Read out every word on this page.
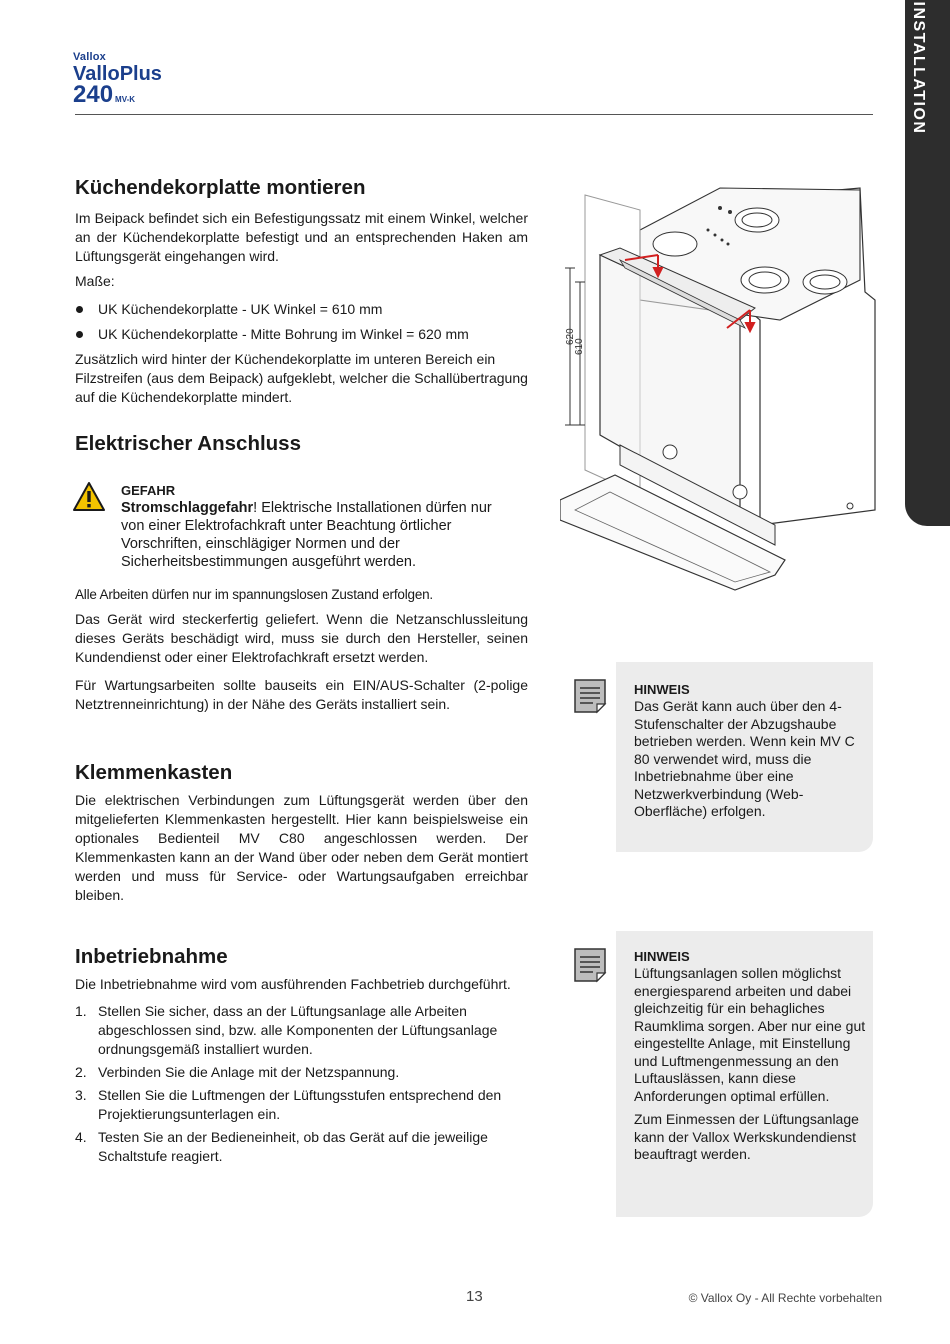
Vallox
ValloPlus
240 MV-K	INSTALLATION
Küchendekorplatte montieren

Im Beipack befindet sich ein Befestigungssatz mit einem Winkel, welcher an der Küchendekorplatte befestigt und an entsprechenden Haken am Lüftungsgerät eingehangen wird.

Maße:

UK Küchendekorplatte - UK Winkel = 610 mm
UK Küchendekorplatte - Mitte Bohrung im Winkel = 620 mm

Zusätzlich wird hinter der Küchendekorplatte im unteren Bereich ein Filzstreifen (aus dem Beipack) aufgeklebt, welcher die Schallübertragung auf die Küchendekorplatte mindert.

620
610
Elektrischer Anschluss
GEFAHR

Stromschlaggefahr! Elektrische Installationen dürfen nur von einer Elektrofachkraft unter Beachtung örtlicher Vorschriften, einschlägiger Normen und der Sicherheitsbestimmungen ausgeführt werden.

Alle Arbeiten dürfen nur im spannungslosen Zustand erfolgen.

Das Gerät wird steckerfertig geliefert. Wenn die Netzanschlussleitung dieses Geräts beschädigt wird, muss sie durch den Hersteller, seinen Kundendienst oder einer Elektrofachkraft ersetzt werden.

Für Wartungsarbeiten sollte bauseits ein EIN/AUS-Schalter (2-polige Netztrenneinrichtung) in der Nähe des Geräts installiert sein.

HINWEIS

Das Gerät kann auch über den 4-Stufenschalter der Abzugshaube betrieben werden. Wenn kein MV C 80 verwendet wird, muss die Inbetriebnahme über eine Netzwerkverbindung (Web-Oberfläche) erfolgen.

Klemmenkasten

Die elektrischen Verbindungen zum Lüftungsgerät werden über den mitgelieferten Klemmenkasten hergestellt. Hier kann beispielsweise ein optionales Bedienteil MV C80 angeschlossen werden. Der Klemmenkasten kann an der Wand über oder neben dem Gerät montiert werden und muss für Service- oder Wartungsaufgaben erreichbar bleiben.

Inbetriebnahme

Die Inbetriebnahme wird vom ausführenden Fachbetrieb durchgeführt.

1. Stellen Sie sicher, dass an der Lüftungsanlage alle Arbeiten abgeschlossen sind, bzw. alle Komponenten der Lüftungsanlage ordnungsgemäß installiert wurden.
2. Verbinden Sie die Anlage mit der Netzspannung.
3. Stellen Sie die Luftmengen der Lüftungsstufen entsprechend den Projektierungsunterlagen ein.
4. Testen Sie an der Bedieneinheit, ob das Gerät auf die jeweilige Schaltstufe reagiert.
HINWEIS

Lüftungsanlagen sollen möglichst energiesparend arbeiten und dabei gleichzeitig für ein behagliches Raumklima sorgen. Aber nur eine gut eingestellte Anlage, mit Einstellung und Luftmengenmessung an den Luftauslässen, kann diese Anforderungen optimal erfüllen.

Zum Einmessen der Lüftungsanlage kann der Vallox Werkskundendienst beauftragt werden.

13	© Vallox Oy - All Rechte vorbehalten
